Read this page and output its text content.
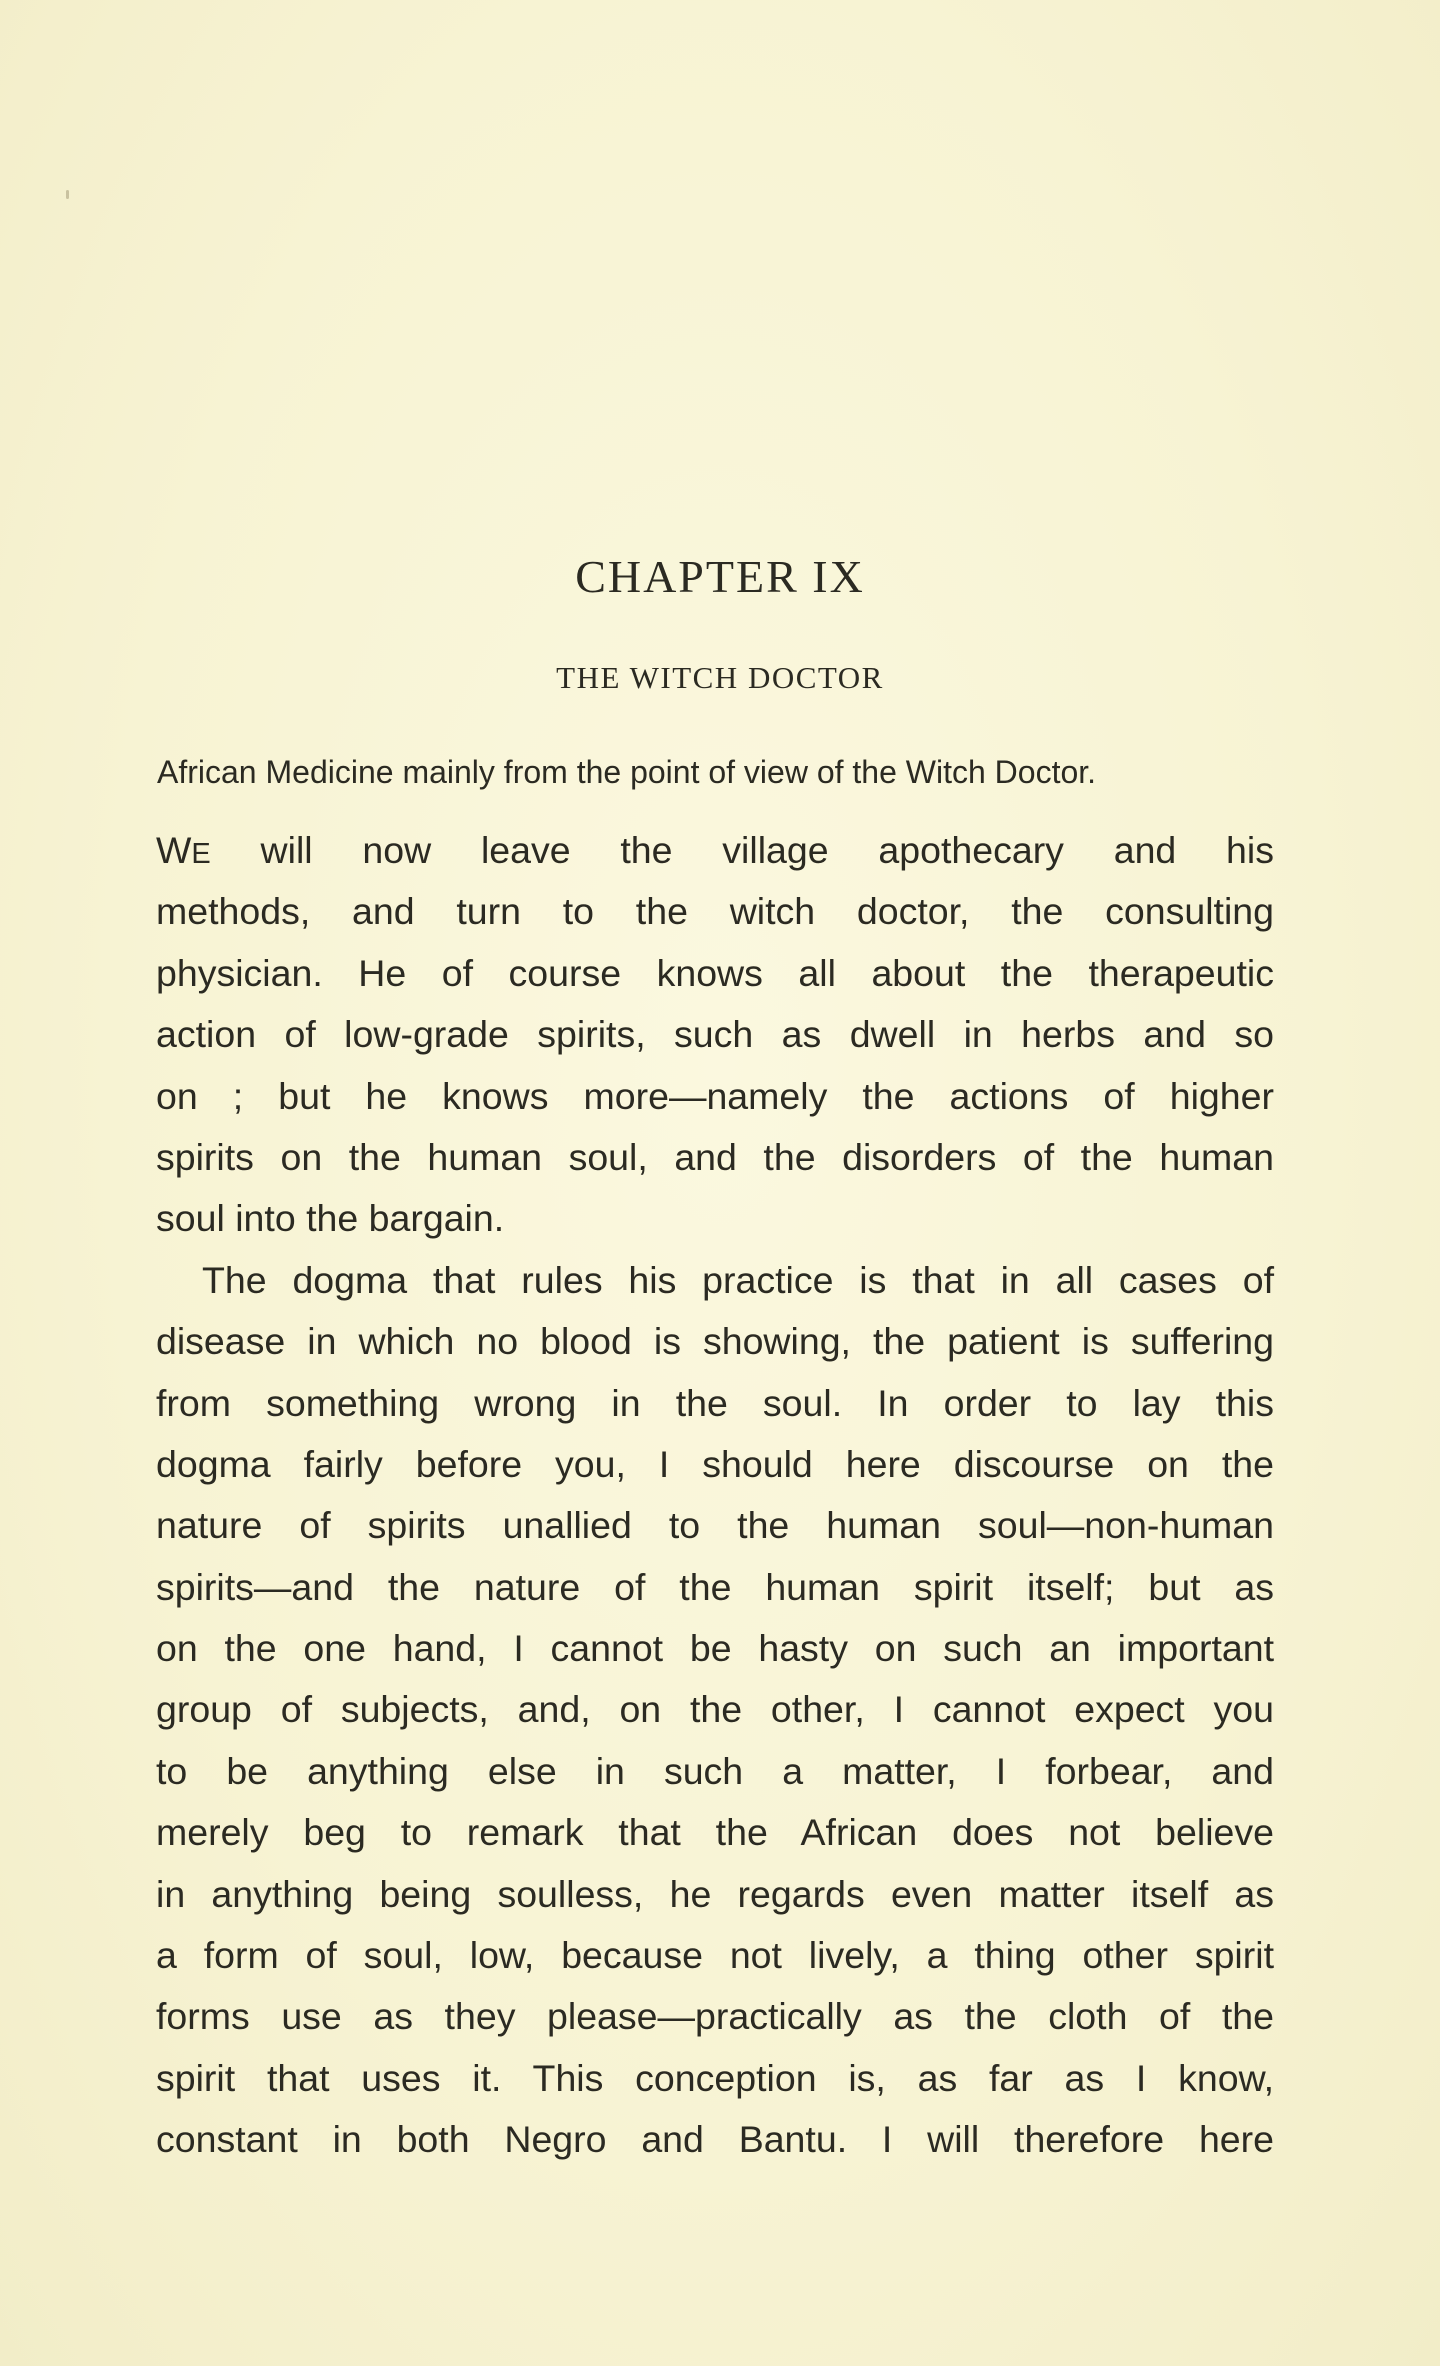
CHAPTER IX
THE WITCH DOCTOR
African Medicine mainly from the point of view of the Witch Doctor.
WE will now leave the village apothecary and his
methods, and turn to the witch doctor, the consulting
physician. He of course knows all about the therapeutic
action of low-grade spirits, such as dwell in herbs and so
on ; but he knows more—namely the actions of higher
spirits on the human soul, and the disorders of the human
soul into the bargain.
The dogma that rules his practice is that in all cases of
disease in which no blood is showing, the patient is suffering
from something wrong in the soul. In order to lay this
dogma fairly before you, I should here discourse on the
nature of spirits unallied to the human soul—non-human
spirits—and the nature of the human spirit itself; but as
on the one hand, I cannot be hasty on such an important
group of subjects, and, on the other, I cannot expect you
to be anything else in such a matter, I forbear, and
merely beg to remark that the African does not believe
in anything being soulless, he regards even matter itself as
a form of soul, low, because not lively, a thing other spirit
forms use as they please—practically as the cloth of the
spirit that uses it. This conception is, as far as I know,
constant in both Negro and Bantu. I will therefore here
